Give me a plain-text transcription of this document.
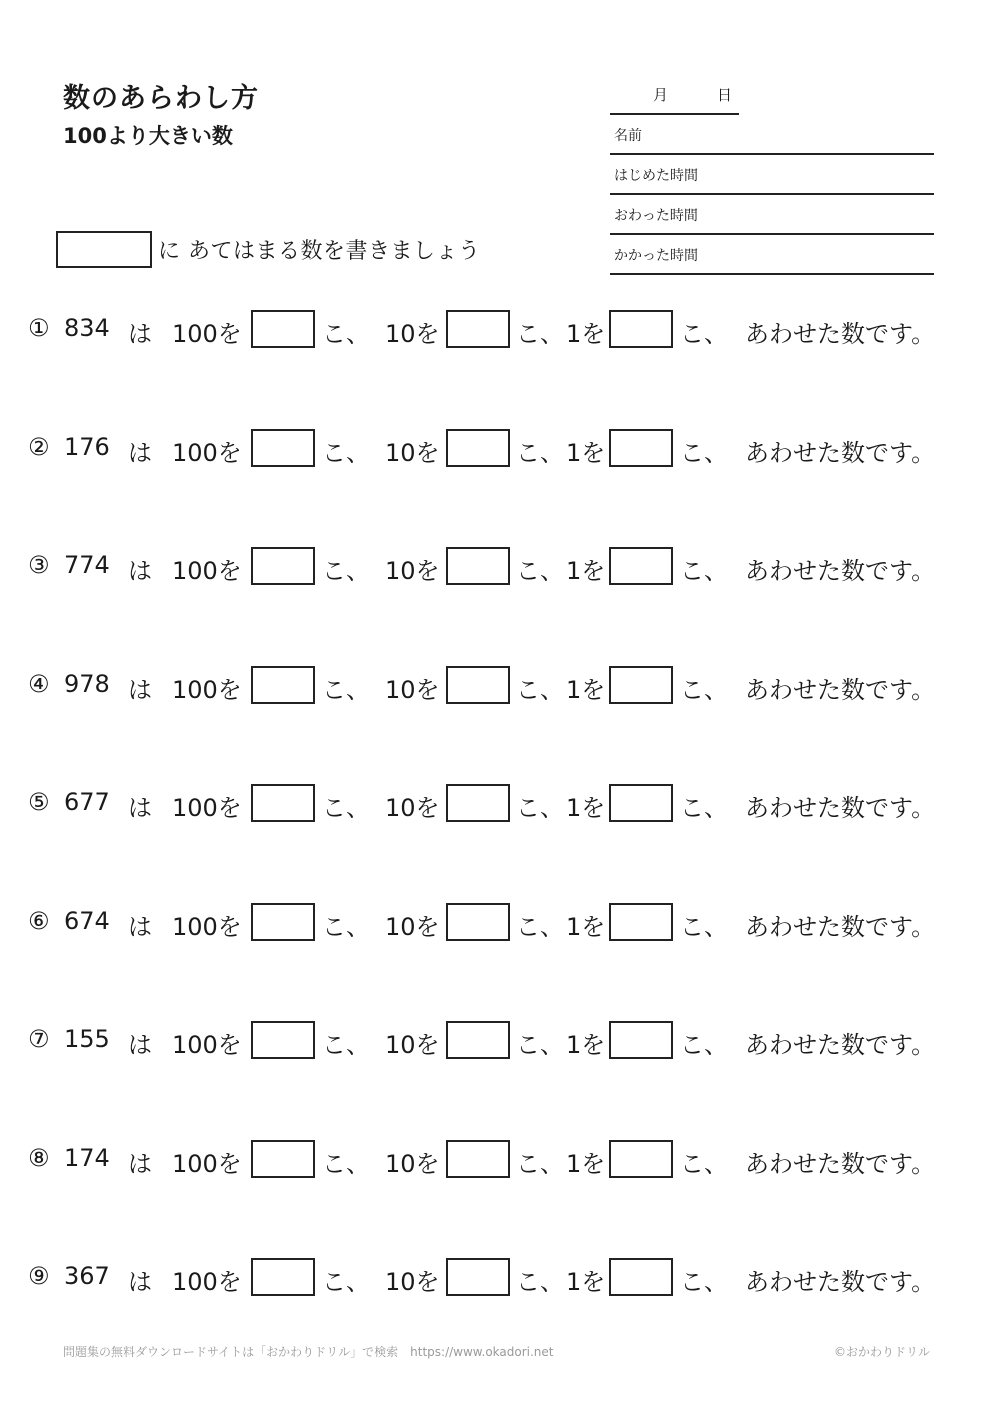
数のあらわし方
100より大きい数
月	日
名前
はじめた時間
おわった時間
かかった時間
に あてはまる数を書きましょう
① 834 は 100を	こ、 10を	こ、 1を	こ、 あわせた数です。
② 176 は 100を	こ、 10を	こ、 1を	こ、 あわせた数です。
③ 774 は 100を	こ、 10を	こ、 1を	こ、 あわせた数です。
④ 978 は 100を	こ、 10を	こ、 1を	こ、 あわせた数です。
⑤ 677 は 100を	こ、 10を	こ、 1を	こ、 あわせた数です。
⑥ 674 は 100を	こ、 10を	こ、 1を	こ、 あわせた数です。
⑦ 155 は 100を	こ、 10を	こ、 1を	こ、 あわせた数です。
⑧ 174 は 100を	こ、 10を	こ、 1を	こ、 あわせた数です。
⑨ 367 は 100を	こ、 10を	こ、 1を	こ、 あわせた数です。
問題集の無料ダウンロードサイトは「おかわりドリル」で検索　https://www.okadori.net	©おかわりドリル
